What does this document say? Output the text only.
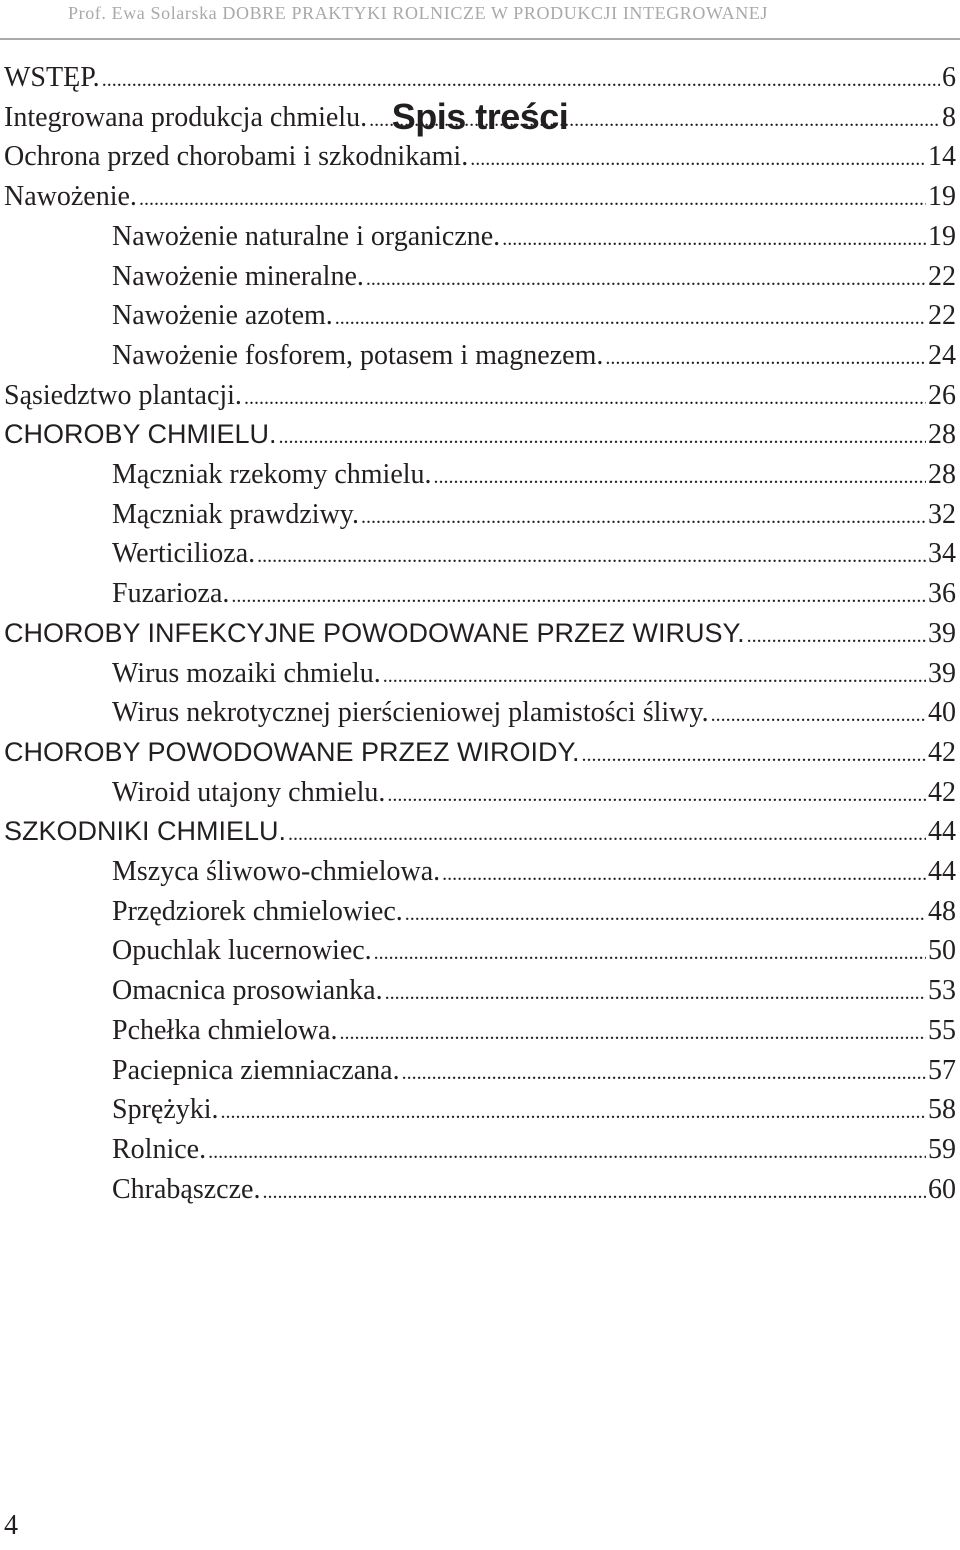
Prof. Ewa Solarska DOBRE PRAKTYKI ROLNICZE W PRODUKCJI INTEGROWANEJ
Spis treści
WSTĘP. .....	6
Integrowana produkcja chmielu. .....	8
Ochrona przed chorobami i szkodnikami. .....	14
Nawożenie. .....	19
Nawożenie naturalne i organiczne. .....	19
Nawożenie mineralne. .....	22
Nawożenie azotem. .....	22
Nawożenie fosforem, potasem i magnezem. .....	24
Sąsiedztwo plantacji. .....	26
CHOROBY CHMIELU. .....	28
Mączniak rzekomy chmielu. .....	28
Mączniak prawdziwy. .....	32
Werticilioza. .....	34
Fuzarioza. .....	36
CHOROBY INFEKCYJNE POWODOWANE PRZEZ WIRUSY. .....	39
Wirus mozaiki chmielu. .....	39
Wirus nekrotycznej pierścieniowej plamistości śliwy. .....	40
CHOROBY POWODOWANE PRZEZ WIROIDY. .....	42
Wiroid utajony chmielu. .....	42
SZKODNIKI CHMIELU. .....	44
Mszyca śliwowo-chmielowa. .....	44
Przędziorek chmielowiec. .....	48
Opuchlak lucernowiec. .....	50
Omacnica prosowianka. .....	53
Pchełka chmielowa. .....	55
Paciepnica ziemniaczana. .....	57
Sprężyki. .....	58
Rolnice. .....	59
Chrabąszcze. .....	60
4
